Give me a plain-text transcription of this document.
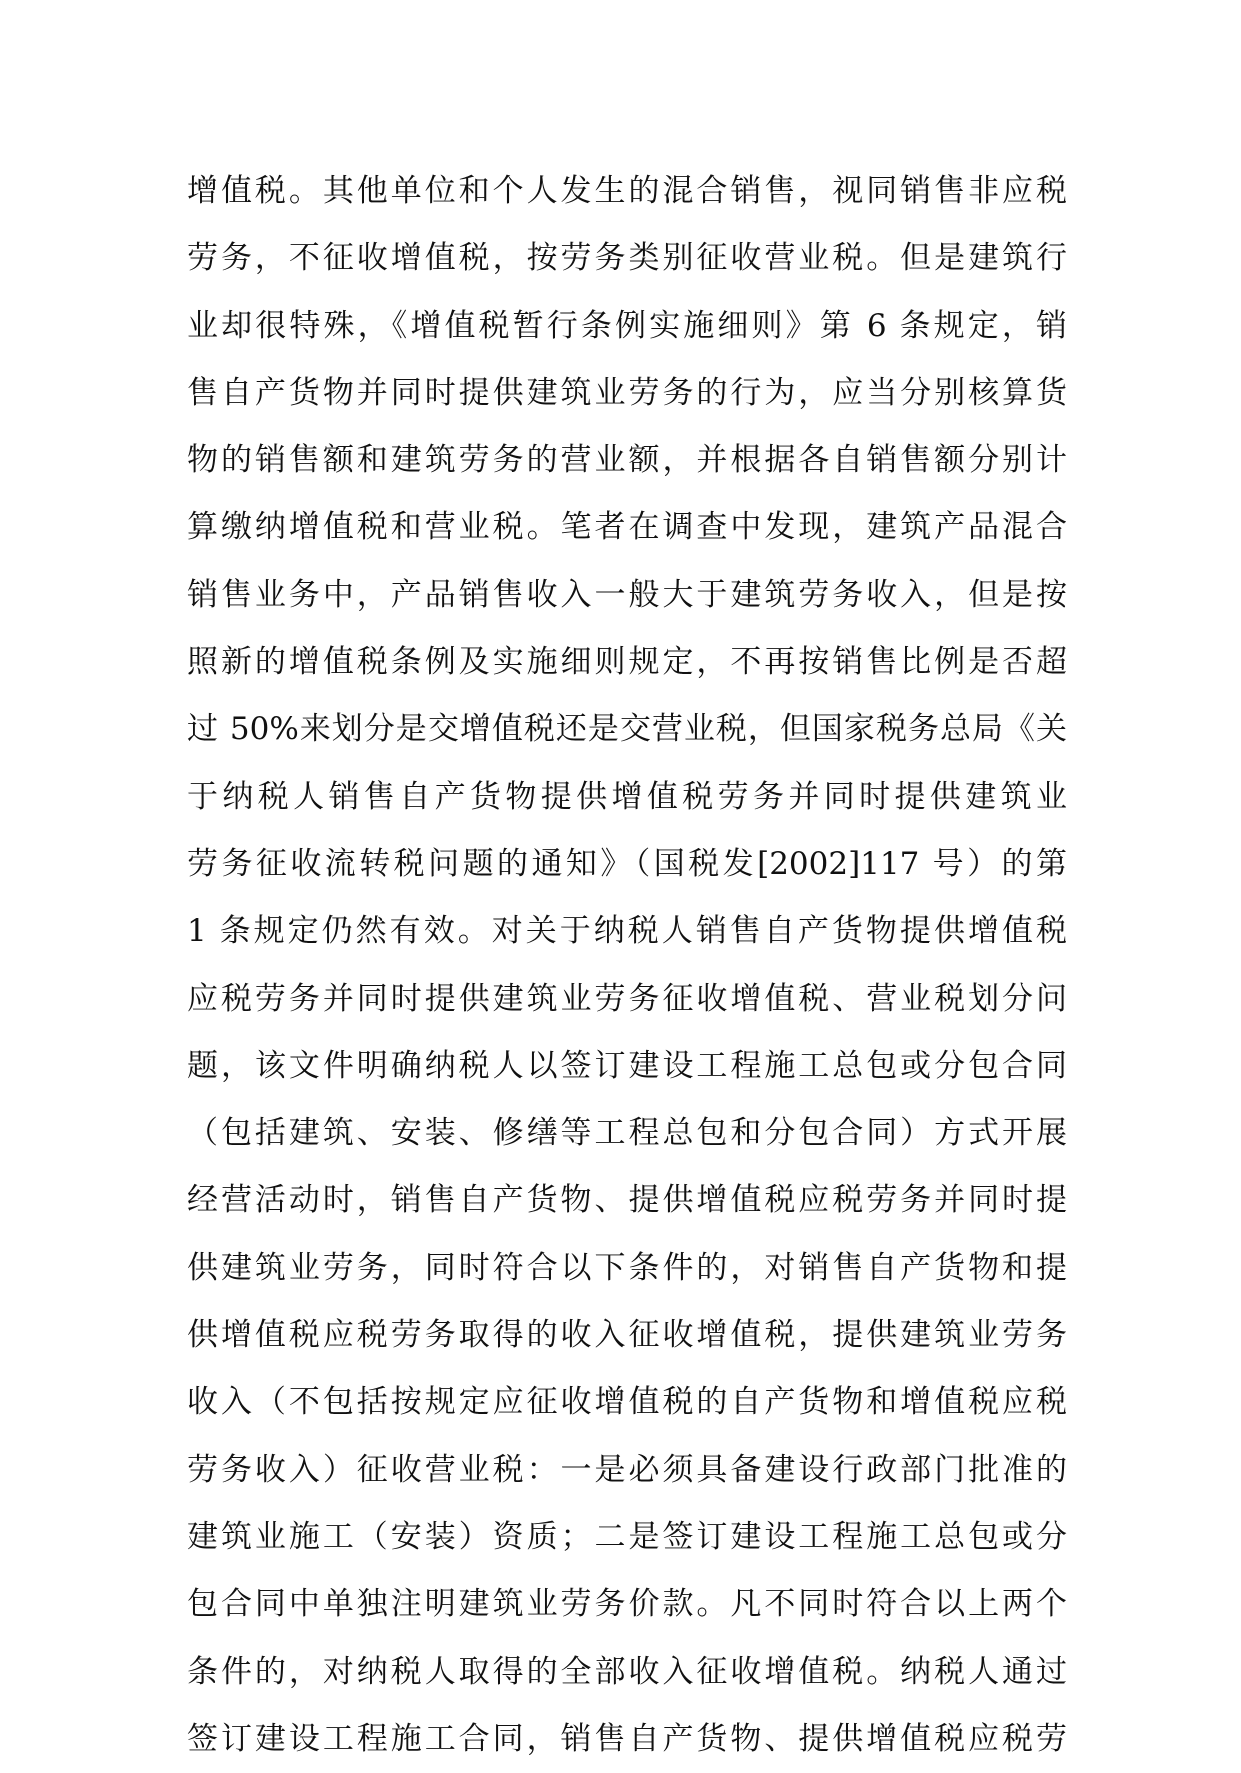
增值税。其他单位和个人发生的混合销售，视同销售非应税
劳务，不征收增值税，按劳务类别征收营业税。但是建筑行
业却很特殊，《增值税暂行条例实施细则》第 6 条规定，销
售自产货物并同时提供建筑业劳务的行为，应当分别核算货
物的销售额和建筑劳务的营业额，并根据各自销售额分别计
算缴纳增值税和营业税。笔者在调查中发现，建筑产品混合
销售业务中，产品销售收入一般大于建筑劳务收入，但是按
照新的增值税条例及实施细则规定，不再按销售比例是否超
过 50%来划分是交增值税还是交营业税，但国家税务总局《关
于纳税人销售自产货物提供增值税劳务并同时提供建筑业
劳务征收流转税问题的通知》（国税发[2002]117 号）的第
1 条规定仍然有效。对关于纳税人销售自产货物提供增值税
应税劳务并同时提供建筑业劳务征收增值税、营业税划分问
题，该文件明确纳税人以签订建设工程施工总包或分包合同
（包括建筑、安装、修缮等工程总包和分包合同）方式开展
经营活动时，销售自产货物、提供增值税应税劳务并同时提
供建筑业劳务，同时符合以下条件的，对销售自产货物和提
供增值税应税劳务取得的收入征收增值税，提供建筑业劳务
收入（不包括按规定应征收增值税的自产货物和增值税应税
劳务收入）征收营业税：一是必须具备建设行政部门批准的
建筑业施工（安装）资质；二是签订建设工程施工总包或分
包合同中单独注明建筑业劳务价款。凡不同时符合以上两个
条件的，对纳税人取得的全部收入征收增值税。纳税人通过
签订建设工程施工合同，销售自产货物、提供增值税应税劳
